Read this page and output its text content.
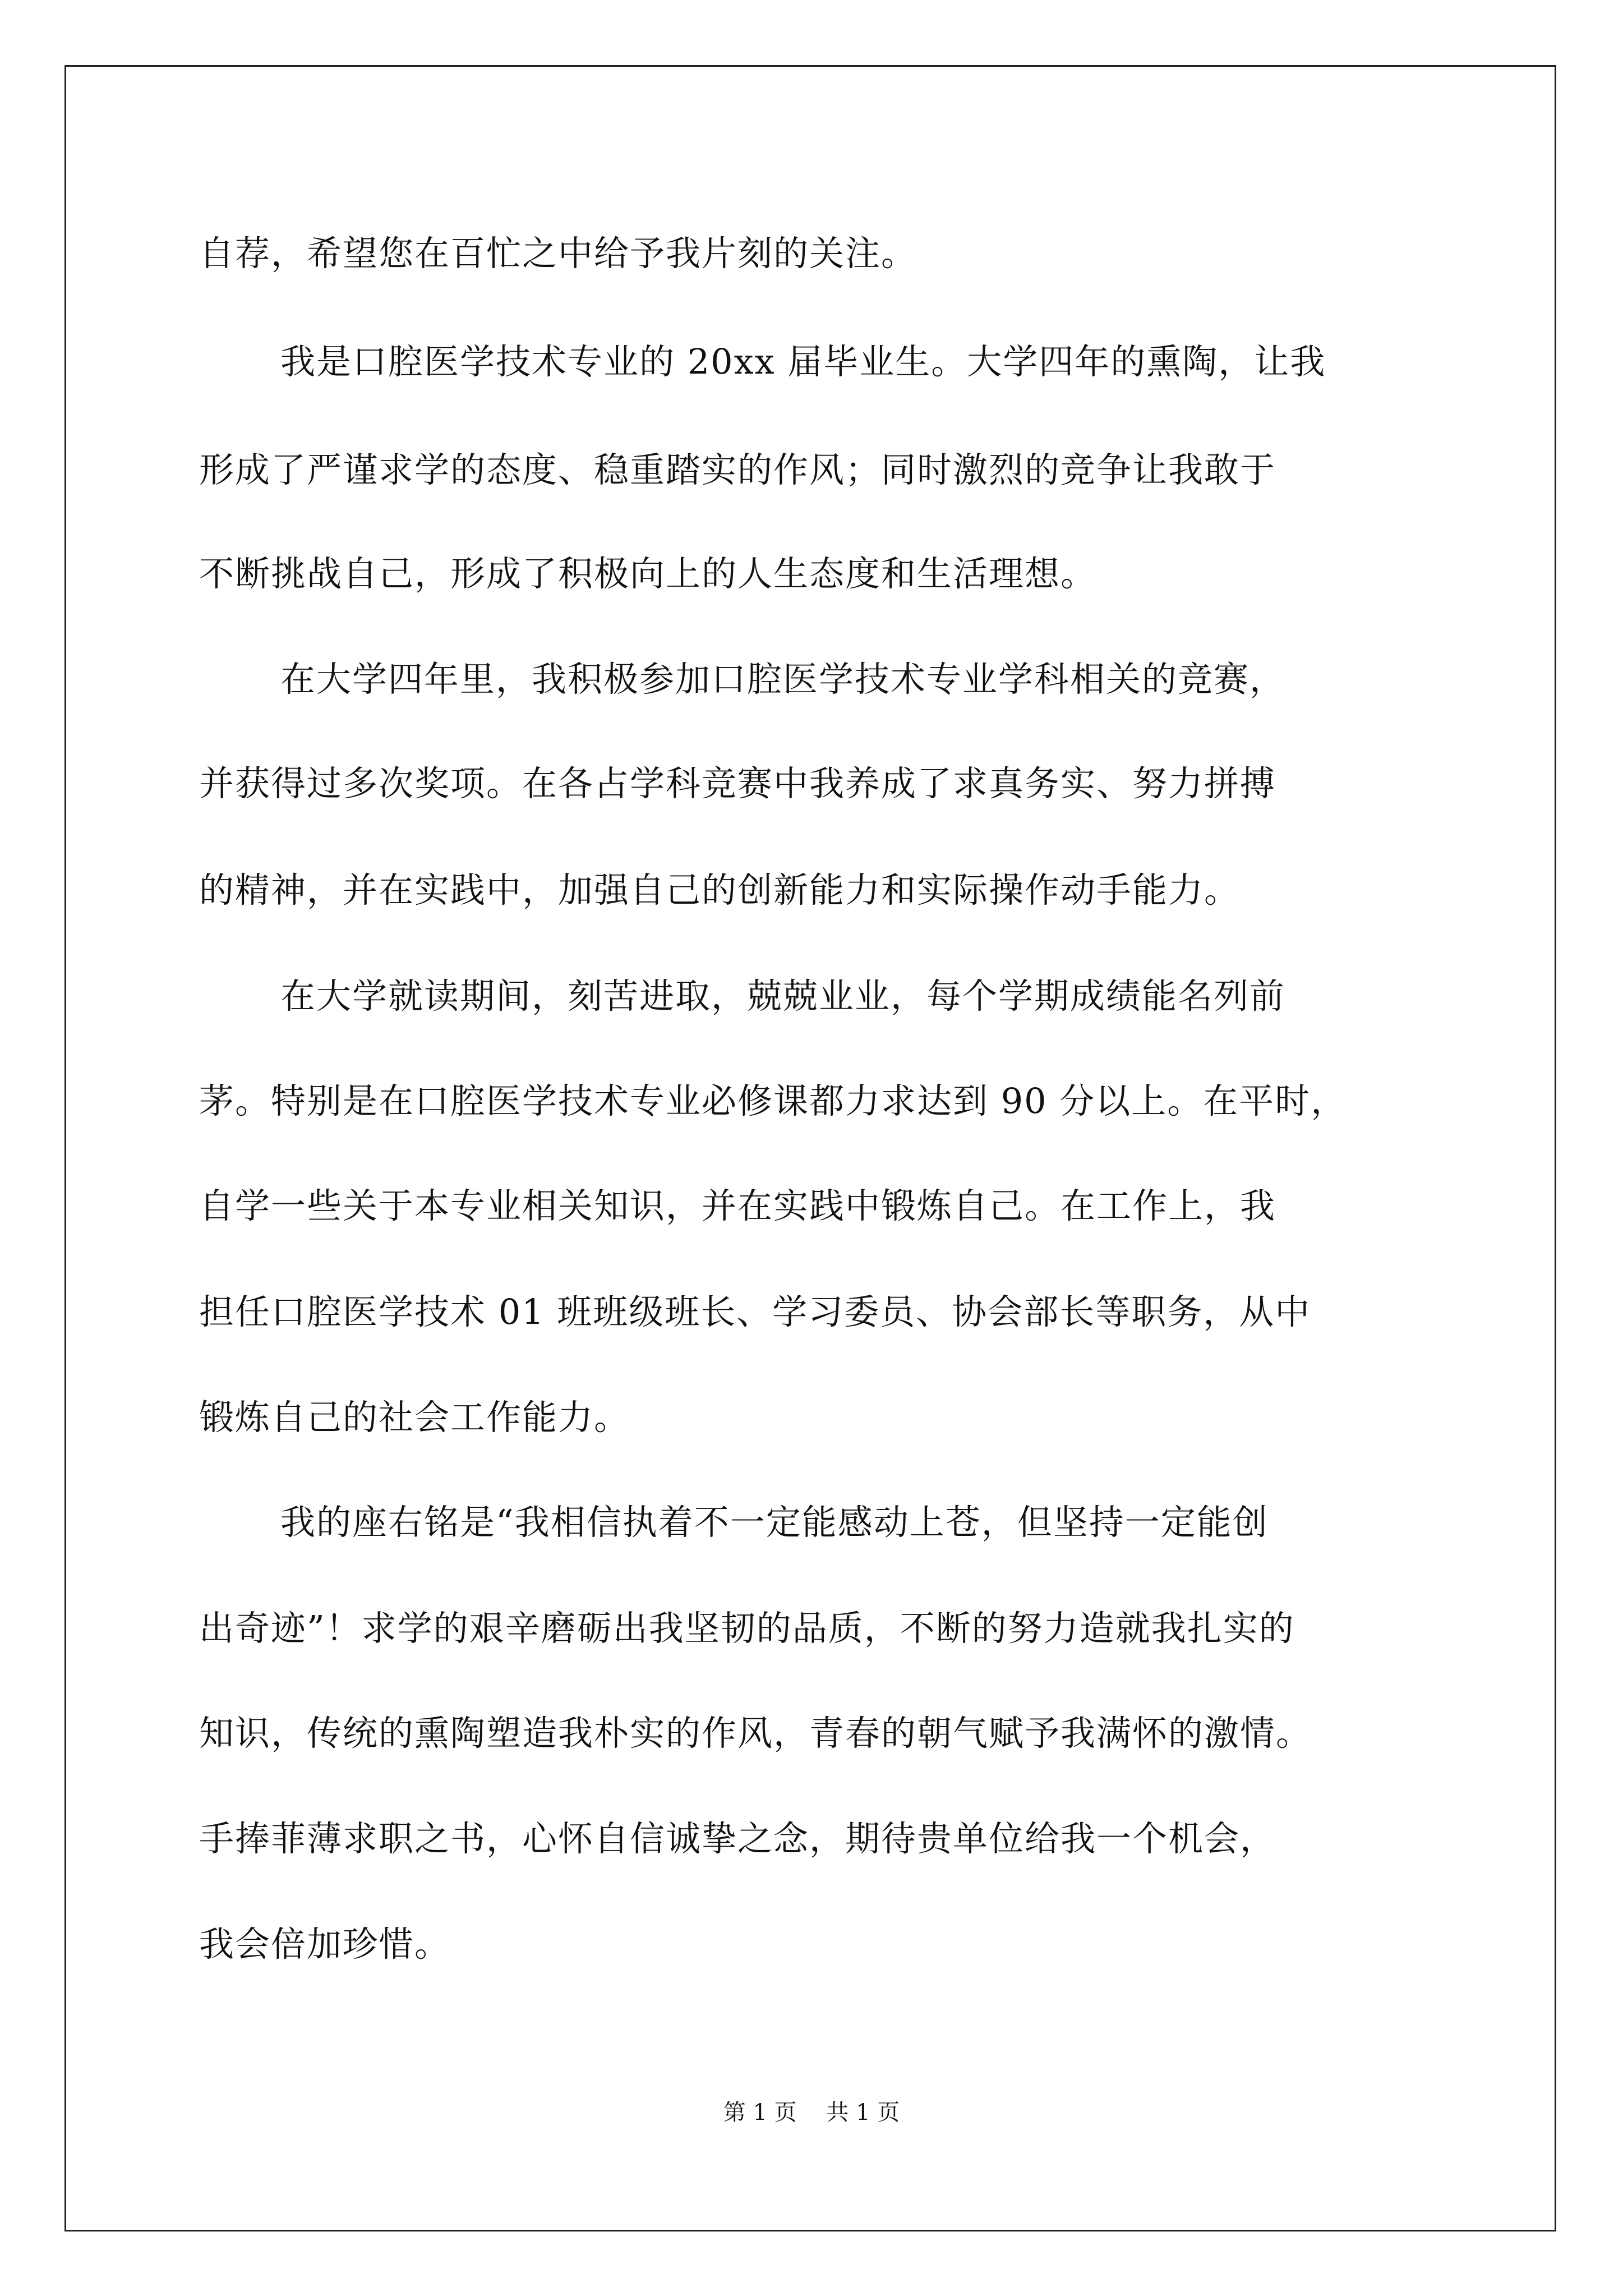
自荐，希望您在百忙之中给予我片刻的关注。
我是口腔医学技术专业的 20xx 届毕业生。大学四年的熏陶，让我
形成了严谨求学的态度、稳重踏实的作风；同时激烈的竞争让我敢于
不断挑战自己，形成了积极向上的人生态度和生活理想。
在大学四年里，我积极参加口腔医学技术专业学科相关的竞赛，
并获得过多次奖项。在各占学科竞赛中我养成了求真务实、努力拼搏
的精神，并在实践中，加强自己的创新能力和实际操作动手能力。
在大学就读期间，刻苦进取，兢兢业业，每个学期成绩能名列前
茅。特别是在口腔医学技术专业必修课都力求达到 90 分以上。在平时，
自学一些关于本专业相关知识，并在实践中锻炼自己。在工作上，我
担任口腔医学技术 01 班班级班长、学习委员、协会部长等职务，从中
锻炼自己的社会工作能力。
我的座右铭是“我相信执着不一定能感动上苍，但坚持一定能创
出奇迹”！求学的艰辛磨砺出我坚韧的品质，不断的努力造就我扎实的
知识，传统的熏陶塑造我朴实的作风，青春的朝气赋予我满怀的激情。
手捧菲薄求职之书，心怀自信诚挚之念，期待贵单位给我一个机会，
我会倍加珍惜。
第 1 页 共 1 页
